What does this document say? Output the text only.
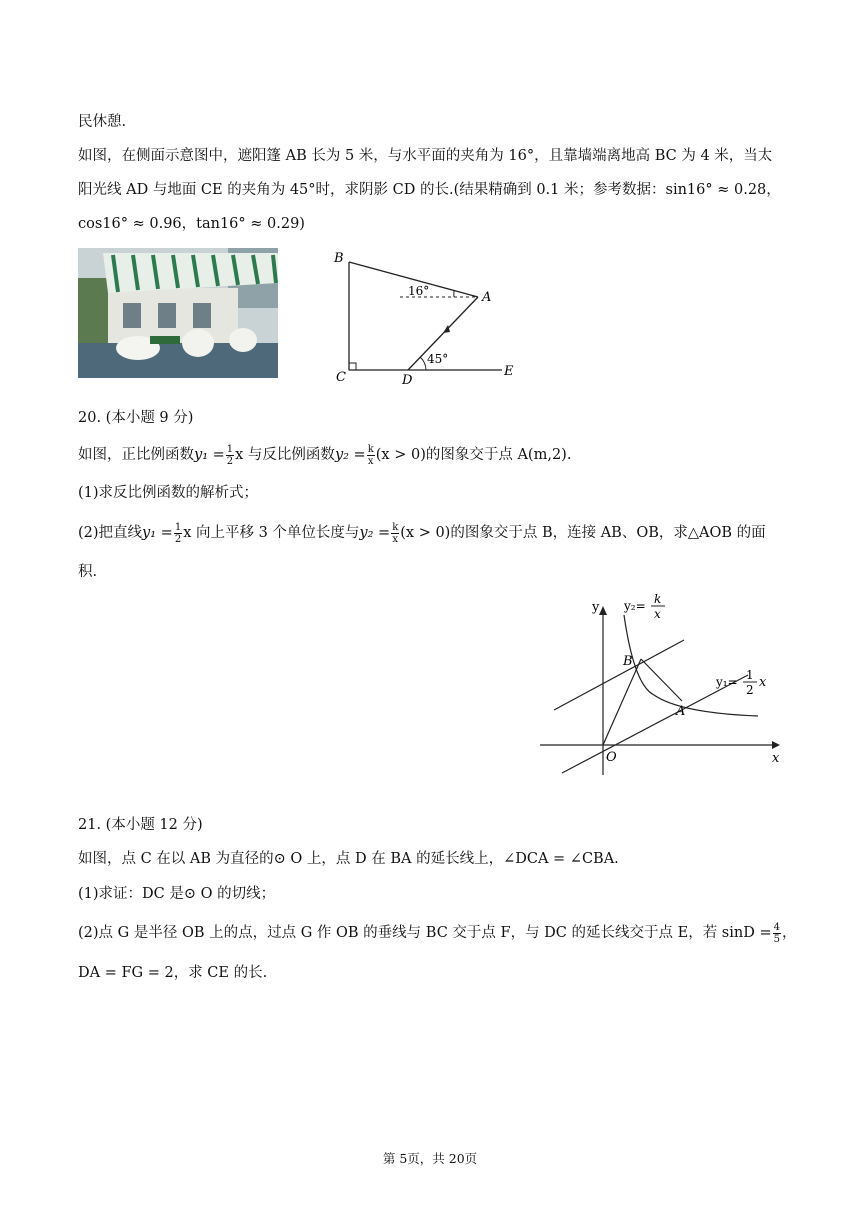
民休憩.
如图，在侧面示意图中，遮阳篷 AB 长为 5 米，与水平面的夹角为 16°，且靠墙端离地高 BC 为 4 米，当太
阳光线 AD 与地面 CE 的夹角为 45°时，求阴影 CD 的长.(结果精确到 0.1 米；参考数据：sin16° ≈ 0.28，
cos16° ≈ 0.96，tan16° ≈ 0.29)
B
A
C	D
E
16°
45°
20. (本小题 9 分)
如图，正比例函数$y_1 = \frac{1}{2}$ x 与反比例函数$y_2 = \frac{k}{x} (x > 0)$的图象交于点 A(m,2).
(1)求反比例函数的解析式；
(2)把直线$y_1 = \frac{1}{2}$ x 向上平移 3 个单位长度与$y_2 = \frac{k}{x} (x > 0)$的图象交于点 B，连接 AB、OB，求△AOB 的面
积.
y
x
O
A
B
y₂= k
x
y₁= 1
2 x
21. (本小题 12 分)
如图，点 C 在以 AB 为直径的⊙ O 上，点 D 在 BA 的延长线上，∠DCA = ∠CBA.
(1)求证：DC 是⊙ O 的切线；
(2)点 G 是半径 OB 上的点，过点 G 作 OB 的垂线与 BC 交于点 F，与 DC 的延长线交于点 E，若 $\sin D = \frac{4}{5}$ ，
DA = FG = 2，求 CE 的长.
第 5页，共 20页
